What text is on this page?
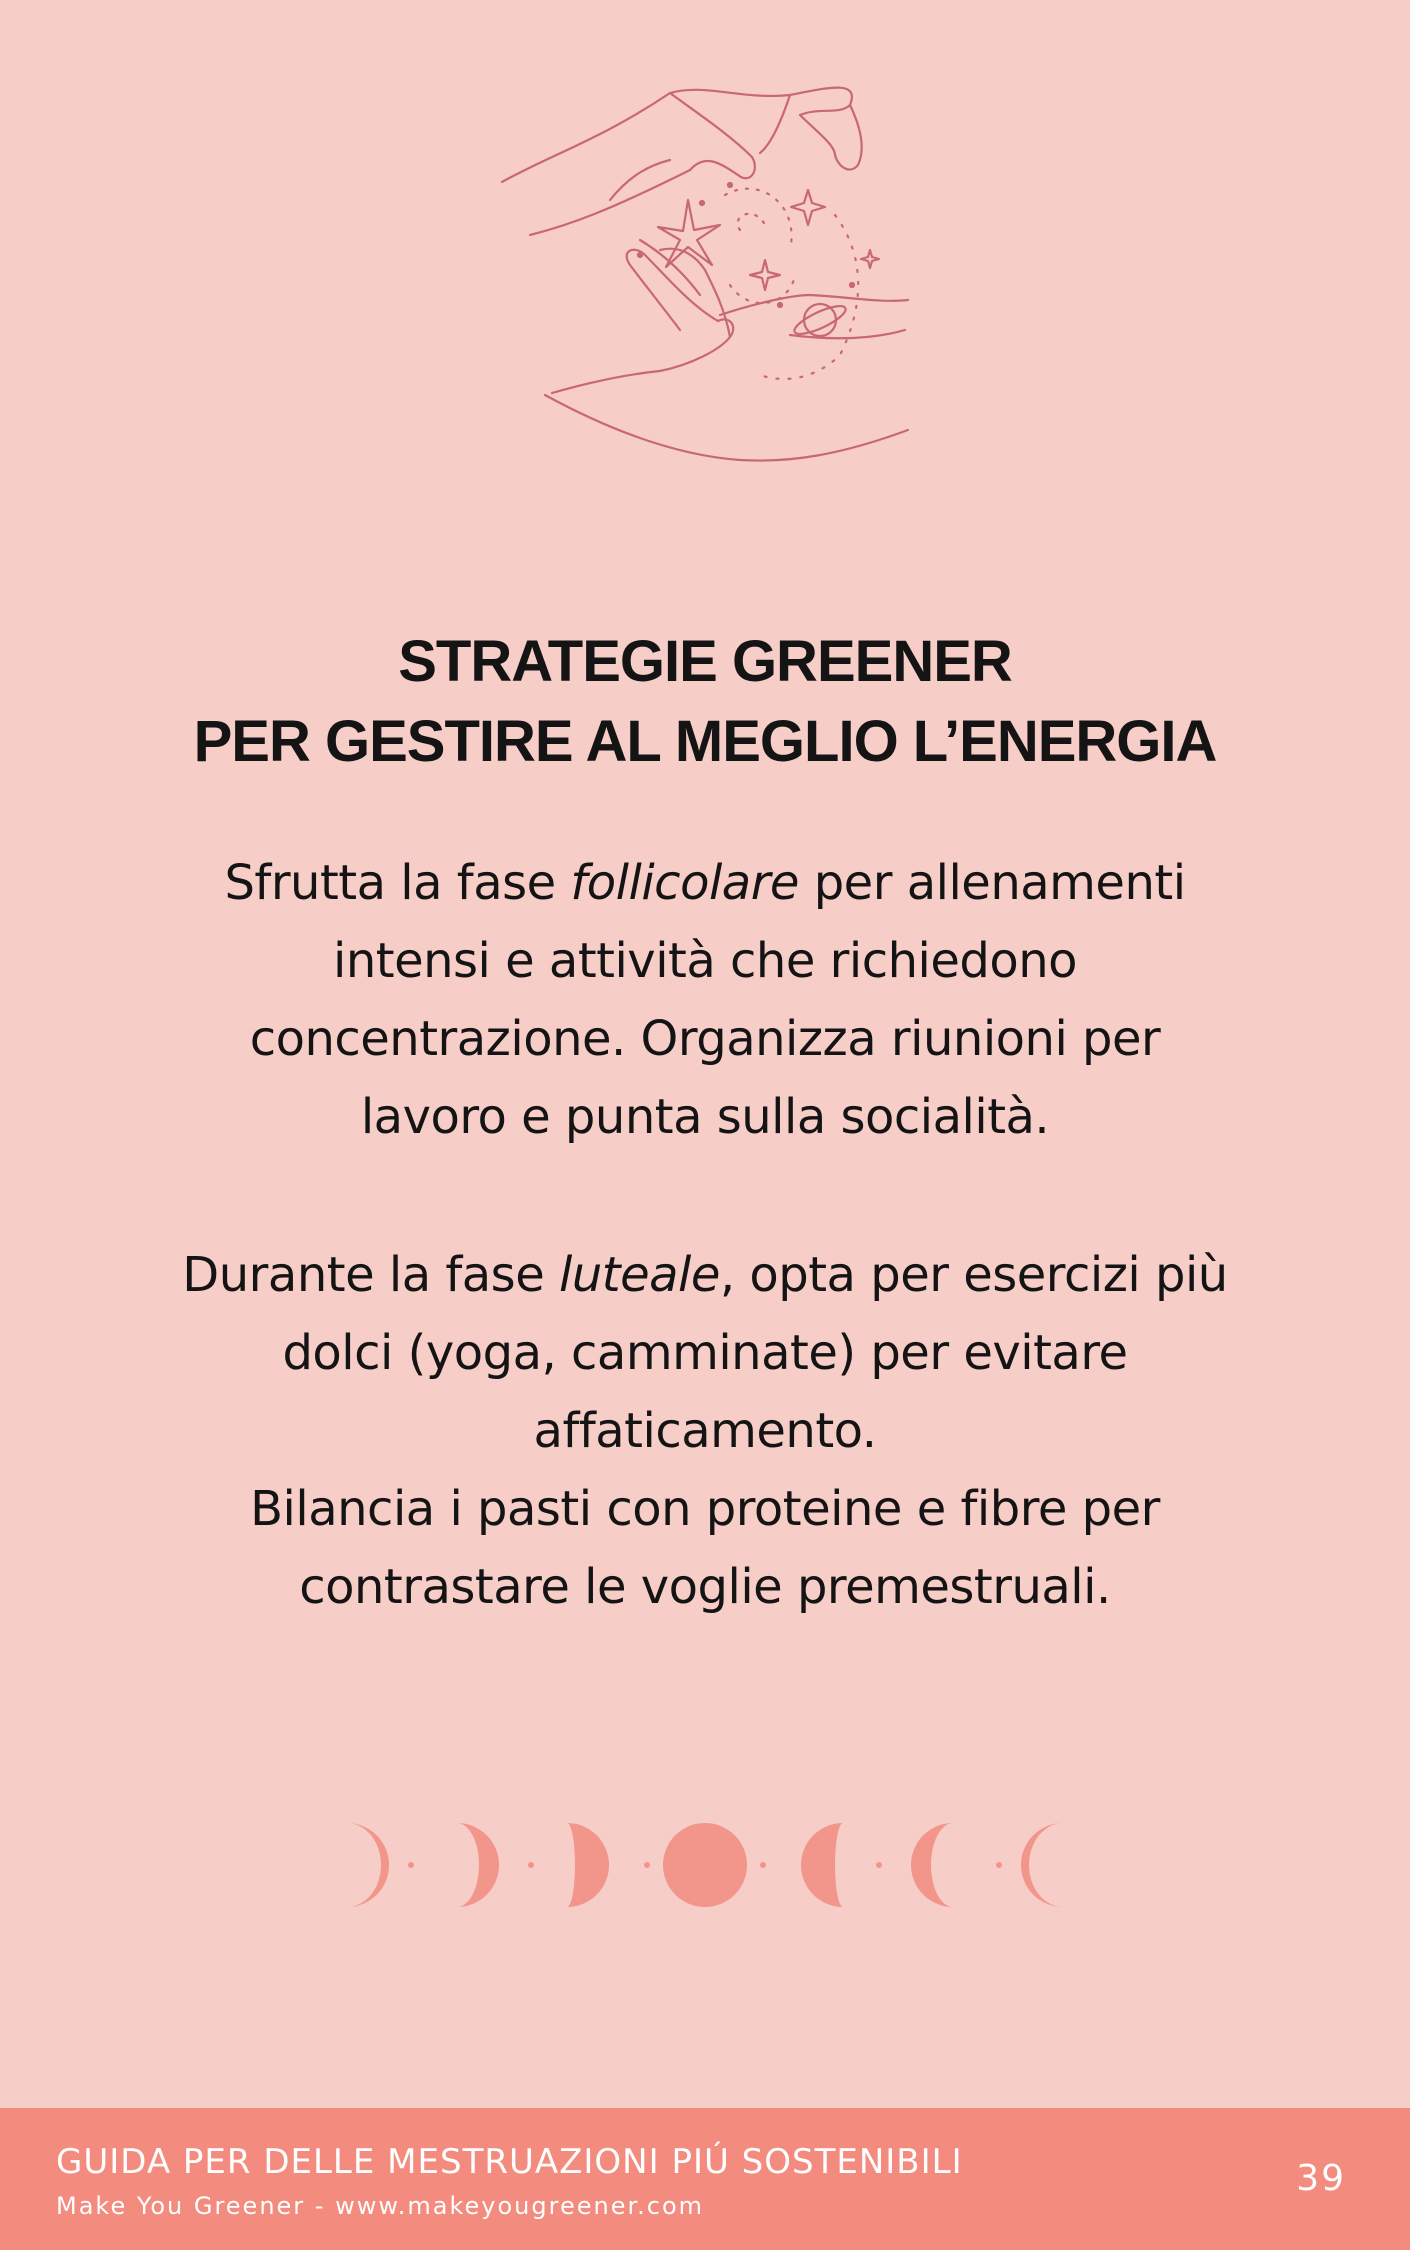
STRATEGIE GREENER
PER GESTIRE AL MEGLIO L’ENERGIA
Sfrutta la fase follicolare per allenamenti
intensi e attività che richiedono
concentrazione. Organizza riunioni per
lavoro e punta sulla socialità.
Durante la fase luteale, opta per esercizi più
dolci (yoga, camminate) per evitare
affaticamento.
Bilancia i pasti con proteine e fibre per
contrastare le voglie premestruali.
GUIDA PER DELLE MESTRUAZIONI PIÚ SOSTENIBILI
Make You Greener - www.makeyougreener.com
39
